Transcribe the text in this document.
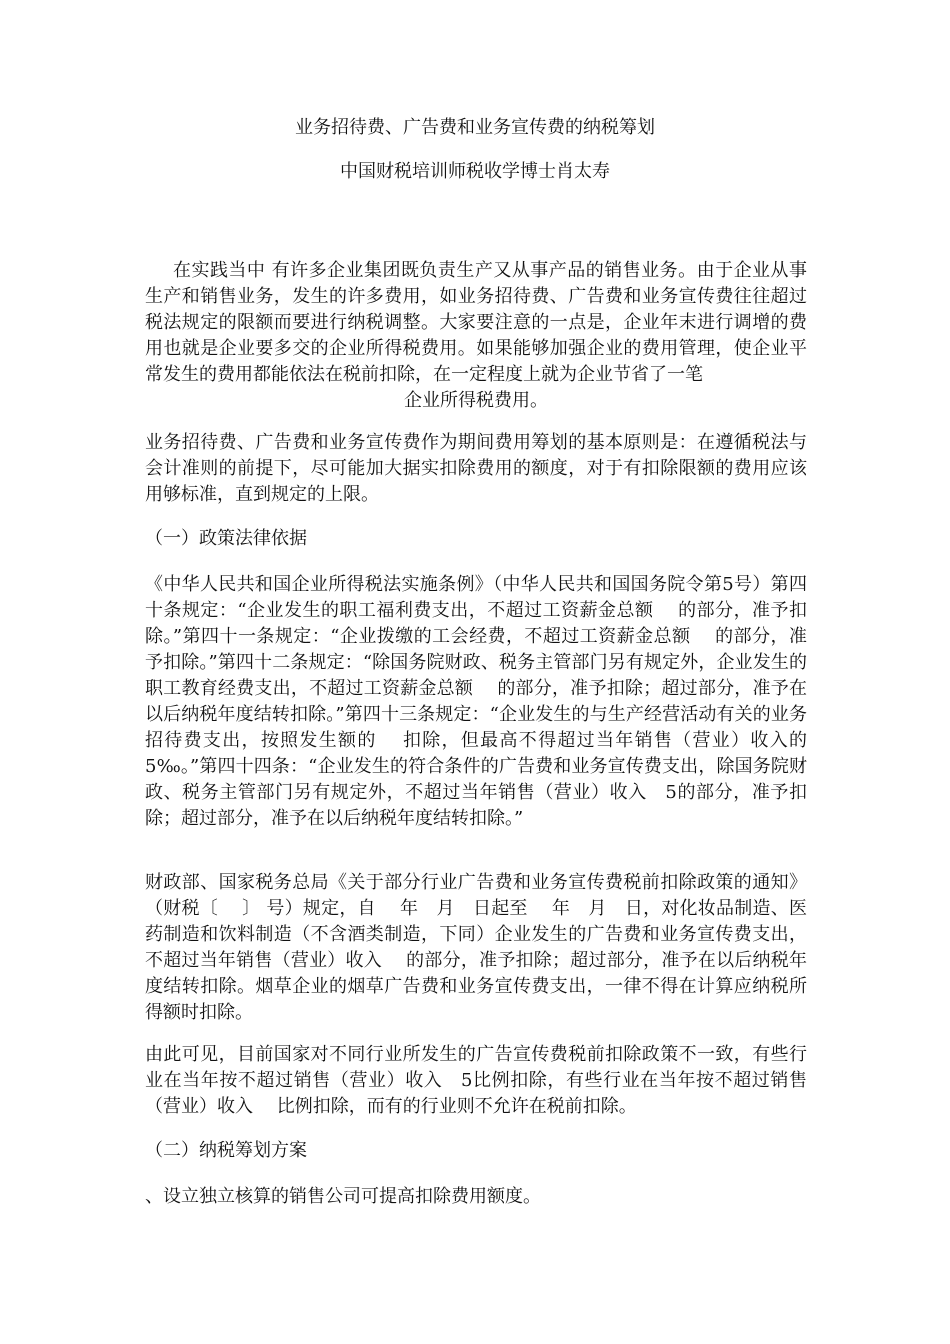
业务招待费、广告费和业务宣传费的纳税筹划
中国财税培训师税收学博士肖太寿
在实践当中 有许多企业集团既负责生产又从事产品的销售业务。由于企业从事生产和销售业务，发生的许多费用，如业务招待费、广告费和业务宣传费往往超过税法规定的限额而要进行纳税调整。大家要注意的一点是，企业年末进行调增的费用也就是企业要多交的企业所得税费用。如果能够加强企业的费用管理，使企业平常发生的费用都能依法在税前扣除，在一定程度上就为企业节省了一笔
企业所得税费用。
业务招待费、广告费和业务宣传费作为期间费用筹划的基本原则是：在遵循税法与会计准则的前提下，尽可能加大据实扣除费用的额度，对于有扣除限额的费用应该用够标准，直到规定的上限。
（一）政策法律依据
《中华人民共和国企业所得税法实施条例》（中华人民共和国国务院令第5号）第四十条规定：“企业发生的职工福利费支出，不超过工资薪金总额　 的部分，准予扣除。”第四十一条规定：“企业拨缴的工会经费，不超过工资薪金总额　 的部分，准予扣除。”第四十二条规定：“除国务院财政、税务主管部门另有规定外，企业发生的职工教育经费支出，不超过工资薪金总额　 的部分，准予扣除；超过部分，准予在以后纳税年度结转扣除。”第四十三条规定：“企业发生的与生产经营活动有关的业务招待费支出，按照发生额的　 扣除，但最高不得超过当年销售（营业）收入的5‰。”第四十四条：“企业发生的符合条件的广告费和业务宣传费支出，除国务院财政、税务主管部门另有规定外，不超过当年销售（营业）收入　5的部分，准予扣除；超过部分，准予在以后纳税年度结转扣除。”
财政部、国家税务总局《关于部分行业广告费和业务宣传费税前扣除政策的通知》（财税〔　 〕 号）规定，自　 年　月　日起至　 年　月　日，对化妆品制造、医药制造和饮料制造（不含酒类制造，下同）企业发生的广告费和业务宣传费支出，不超过当年销售（营业）收入　 的部分，准予扣除；超过部分，准予在以后纳税年度结转扣除。烟草企业的烟草广告费和业务宣传费支出，一律不得在计算应纳税所得额时扣除。
由此可见，目前国家对不同行业所发生的广告宣传费税前扣除政策不一致，有些行业在当年按不超过销售（营业）收入　5比例扣除，有些行业在当年按不超过销售（营业）收入　 比例扣除，而有的行业则不允许在税前扣除。
（二）纳税筹划方案
、设立独立核算的销售公司可提高扣除费用额度。
